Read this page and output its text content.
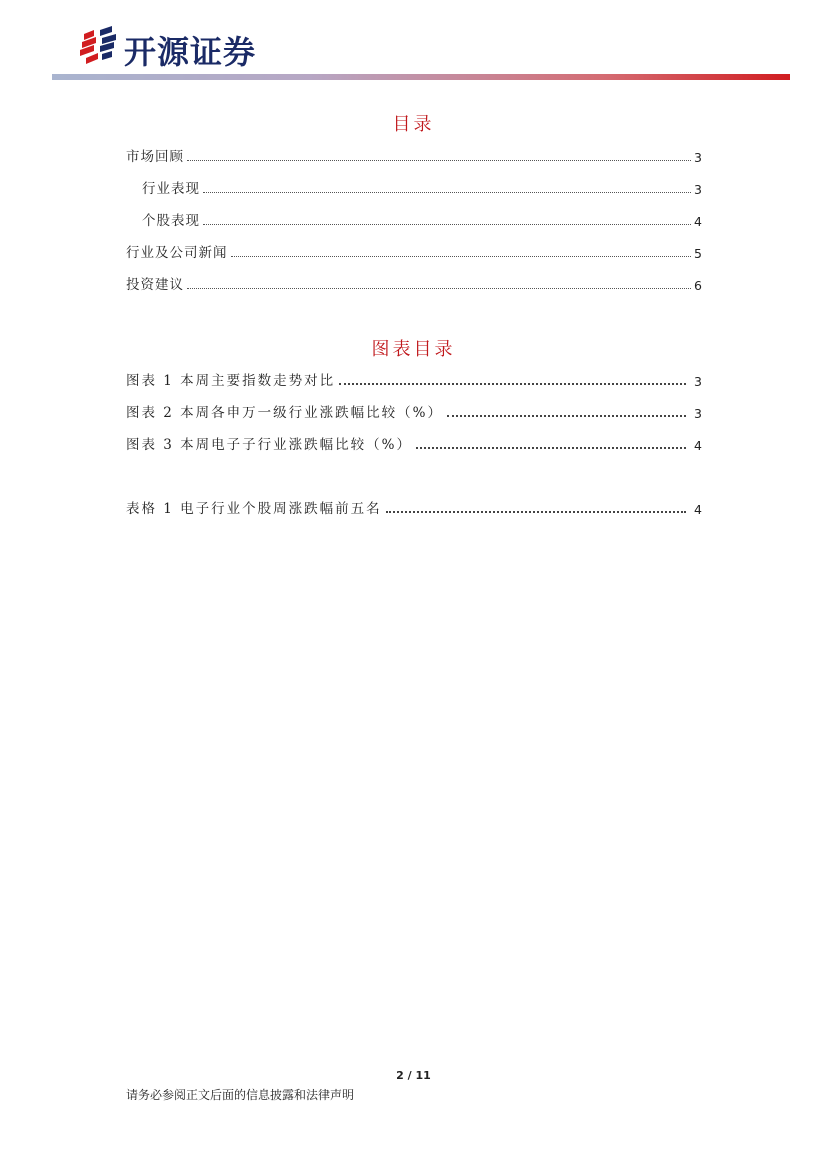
开源证券
目录
市场回顾	3
行业表现	3
个股表现	4
行业及公司新闻	5
投资建议	6
图表目录
图表 1 本周主要指数走势对比	3
图表 2 本周各申万一级行业涨跌幅比较（%）	3
图表 3 本周电子子行业涨跌幅比较（%）	4
表格 1 电子行业个股周涨跌幅前五名	4
2 / 11
请务必参阅正文后面的信息披露和法律声明
